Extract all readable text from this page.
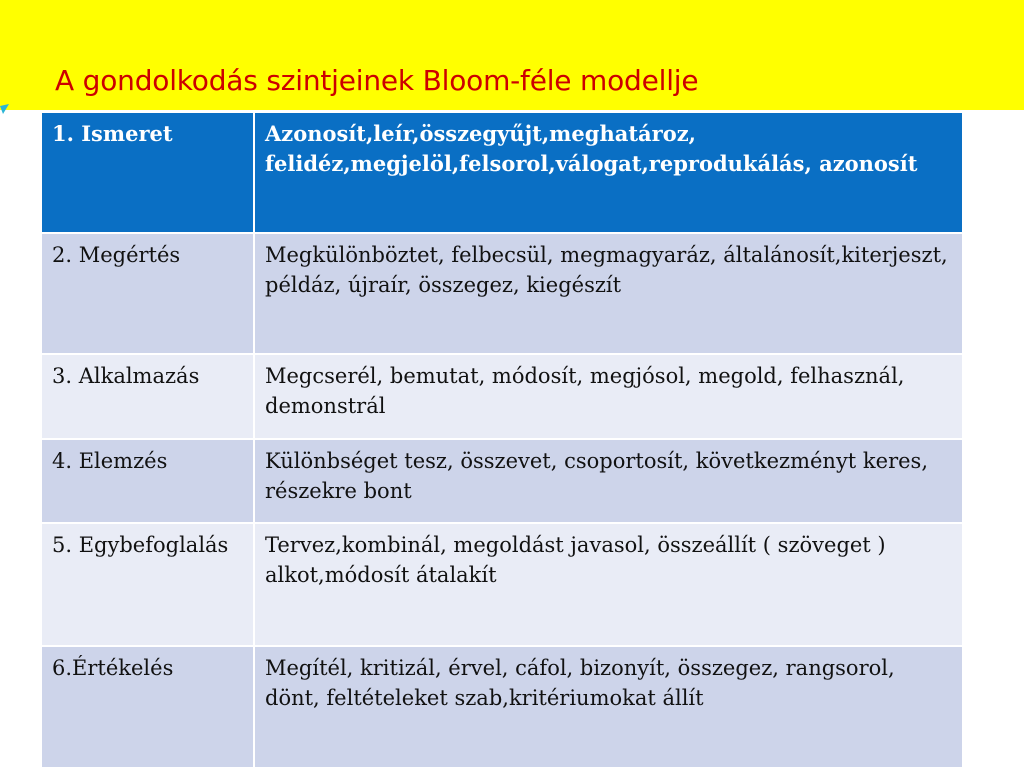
A gondolkodás szintjeinek Bloom-féle modellje
1. Ismeret	Azonosít,leír,összegyűjt,meghatároz, felidéz,megjelöl,felsorol,válogat,reprodukálás, azonosít
2. Megértés	Megkülönböztet, felbecsül, megmagyaráz, általánosít,kiterjeszt, példáz, újraír, összegez, kiegészít
3. Alkalmazás	Megcserél, bemutat, módosít, megjósol, megold, felhasznál, demonstrál
4. Elemzés	Különbséget tesz, összevet, csoportosít, következményt keres, részekre bont
5. Egybefoglalás	Tervez,kombinál, megoldást javasol, összeállít ( szöveget ) alkot,módosít átalakít
6.Értékelés	Megítél, kritizál, érvel, cáfol, bizonyít, összegez, rangsorol, dönt, feltételeket szab,kritériumokat állít
